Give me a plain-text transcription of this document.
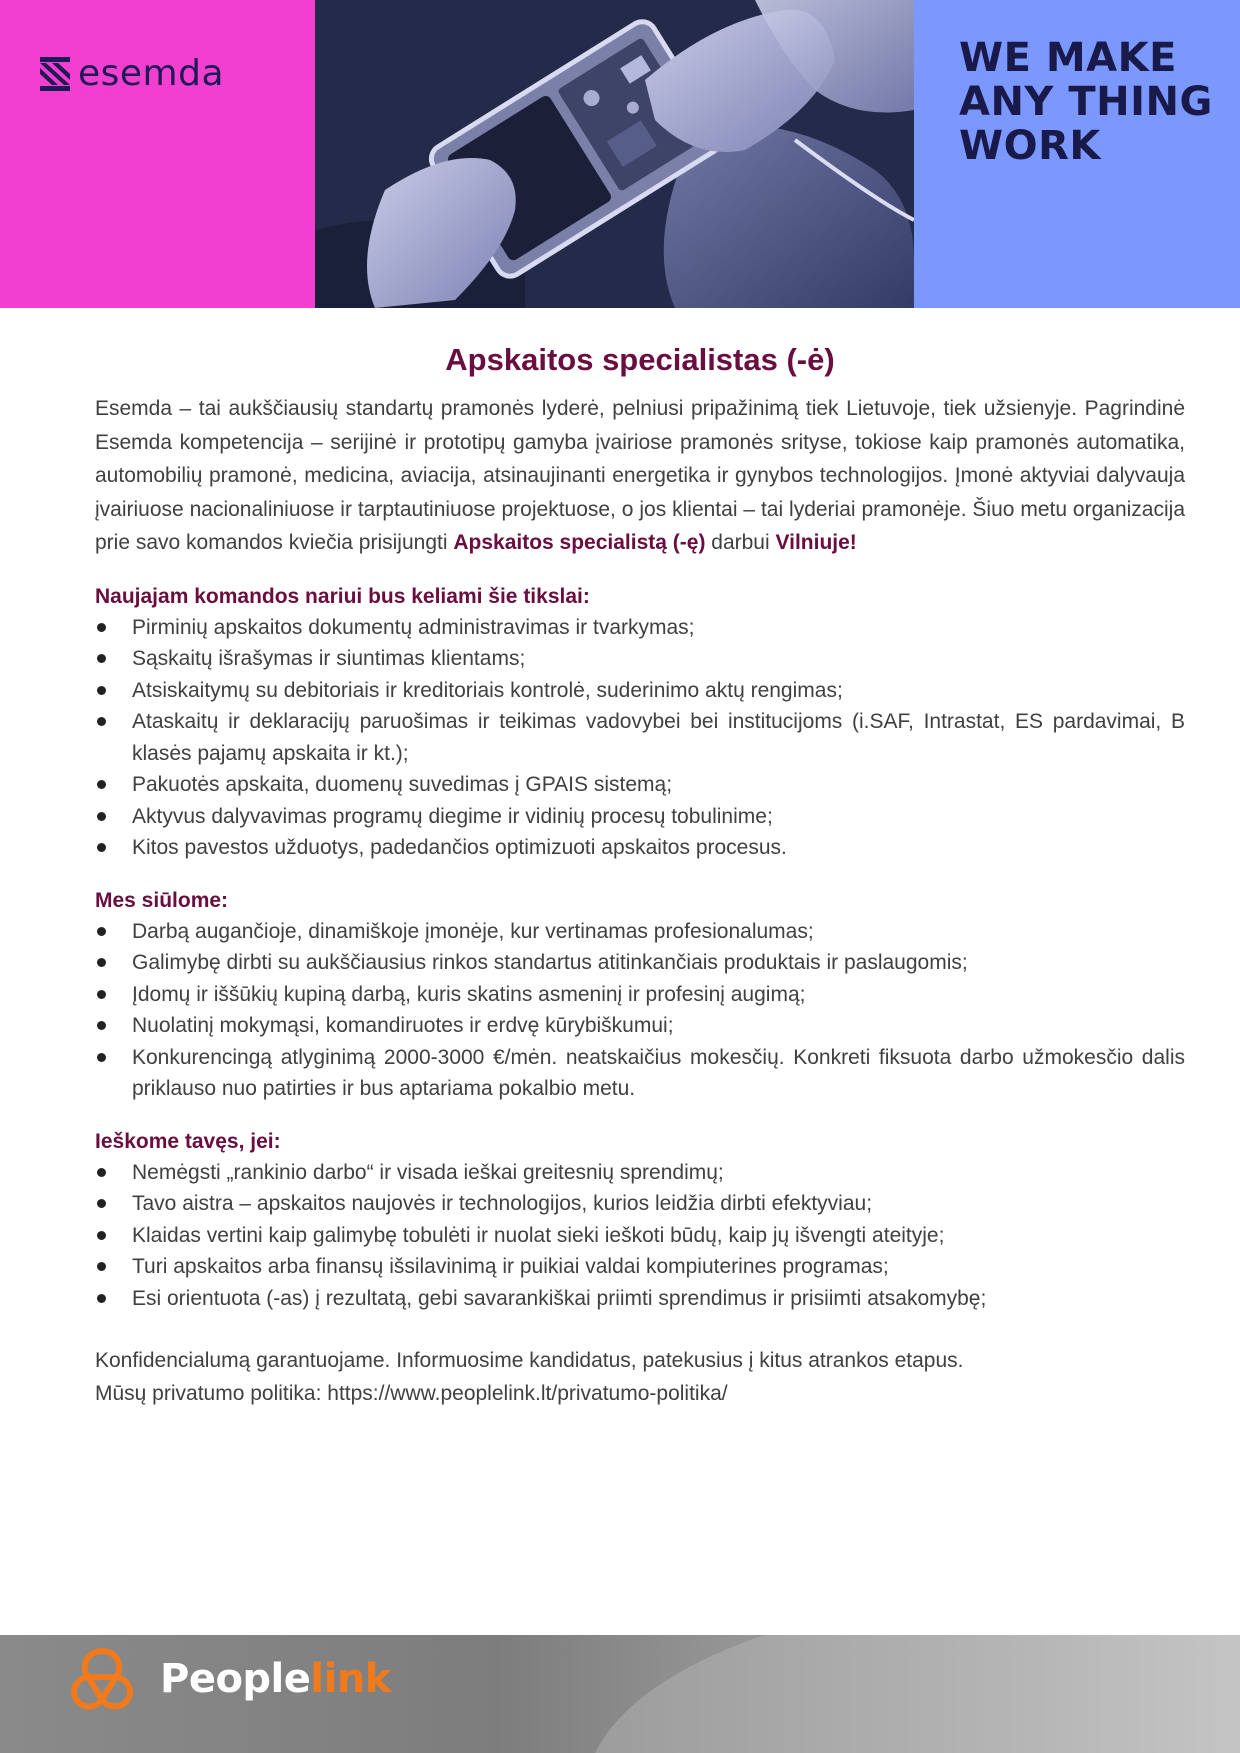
esemda	WE MAKE
ANY THING
WORK
Apskaitos specialistas (-ė)

Esemda – tai aukščiausių standartų pramonės lyderė, pelniusi pripažinimą tiek Lietuvoje, tiek užsienyje. Pagrindinė Esemda kompetencija – serijinė ir prototipų gamyba įvairiose pramonės srityse, tokiose kaip pramonės automatika, automobilių pramonė, medicina, aviacija, atsinaujinanti energetika ir gynybos technologijos. Įmonė aktyviai dalyvauja įvairiuose nacionaliniuose ir tarptautiniuose projektuose, o jos klientai – tai lyderiai pramonėje. Šiuo metu organizacija prie savo komandos kviečia prisijungti Apskaitos specialistą (-ę) darbui Vilniuje!

Naujajam komandos nariui bus keliami šie tikslai:
Pirminių apskaitos dokumentų administravimas ir tvarkymas;
Sąskaitų išrašymas ir siuntimas klientams;
Atsiskaitymų su debitoriais ir kreditoriais kontrolė, suderinimo aktų rengimas;
Ataskaitų ir deklaracijų paruošimas ir teikimas vadovybei bei institucijoms (i.SAF, Intrastat, ES pardavimai, B klasės pajamų apskaita ir kt.);
Pakuotės apskaita, duomenų suvedimas į GPAIS sistemą;
Aktyvus dalyvavimas programų diegime ir vidinių procesų tobulinime;
Kitos pavestos užduotys, padedančios optimizuoti apskaitos procesus.
Mes siūlome:
Darbą augančioje, dinamiškoje įmonėje, kur vertinamas profesionalumas;
Galimybę dirbti su aukščiausius rinkos standartus atitinkančiais produktais ir paslaugomis;
Įdomų ir iššūkių kupiną darbą, kuris skatins asmeninį ir profesinį augimą;
Nuolatinį mokymąsi, komandiruotes ir erdvę kūrybiškumui;
Konkurencingą atlyginimą 2000-3000 €/mėn. neatskaičius mokesčių. Konkreti fiksuota darbo užmokesčio dalis priklauso nuo patirties ir bus aptariama pokalbio metu.
Ieškome tavęs, jei:
Nemėgsti „rankinio darbo“ ir visada ieškai greitesnių sprendimų;
Tavo aistra – apskaitos naujovės ir technologijos, kurios leidžia dirbti efektyviau;
Klaidas vertini kaip galimybę tobulėti ir nuolat sieki ieškoti būdų, kaip jų išvengti ateityje;
Turi apskaitos arba finansų išsilavinimą ir puikiai valdai kompiuterines programas;
Esi orientuota (-as) į rezultatą, gebi savarankiškai priimti sprendimus ir prisiimti atsakomybę;
Konfidencialumą garantuojame. Informuosime kandidatus, patekusius į kitus atrankos etapus.
Mūsų privatumo politika: https://www.peoplelink.lt/privatumo-politika/
Peoplelink
